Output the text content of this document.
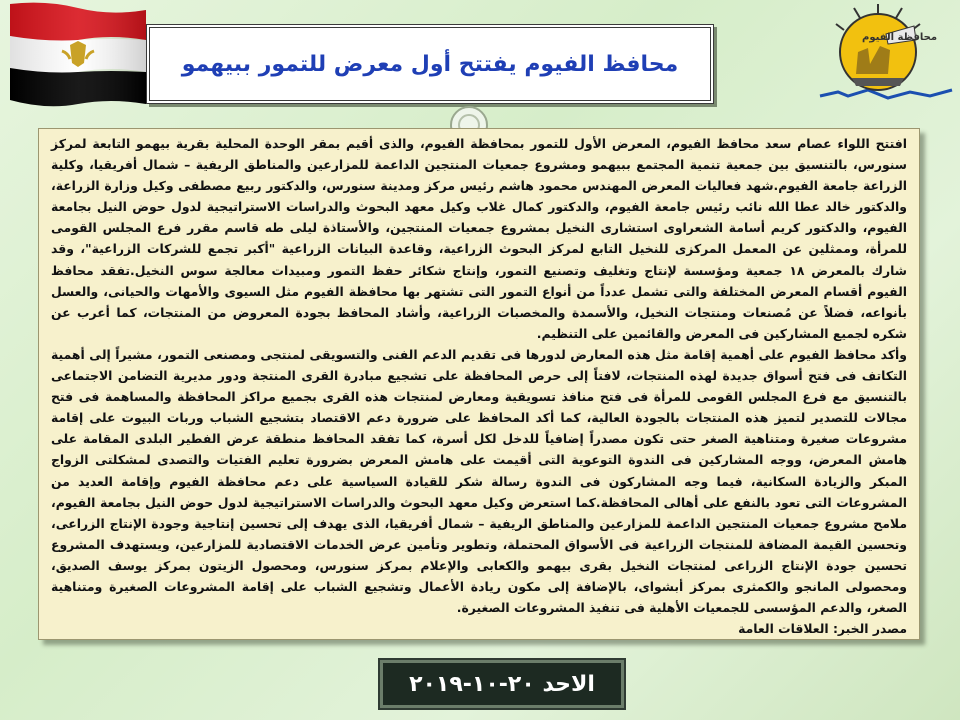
محافظة الفيوم
محافظ الفيوم يفتتح أول معرض للتمور ببيهمو

افتتح اللواء عصام سعد محافظ الفيوم، المعرض الأول للتمور بمحافظة الفيوم، والذى أقيم بمقر الوحدة المحلية بقرية بيهمو التابعة لمركز سنورس، بالتنسيق بين جمعية تنمية المجتمع ببيهمو ومشروع جمعيات المنتجين الداعمة للمزارعين والمناطق الريفية – شمال أفريقيا، وكلية الزراعة جامعة الفيوم.شهد فعاليات المعرض المهندس محمود هاشم رئيس مركز ومدينة سنورس، والدكتور ربيع مصطفى وكيل وزارة الزراعة، والدكتور خالد عطا الله نائب رئيس جامعة الفيوم، والدكتور كمال غلاب وكيل معهد البحوث والدراسات الاستراتيجية لدول حوض النيل بجامعة الفيوم، والدكتور كريم أسامة الشعراوى استشارى النخيل بمشروع جمعيات المنتجين، والأستاذة ليلى طه قاسم مقرر فرع المجلس القومى للمرأة، وممثلين عن المعمل المركزى للنخيل التابع لمركز البحوث الزراعية، وقاعدة البيانات الزراعية "أكبر تجمع للشركات الزراعية"، وقد شارك بالمعرض ١٨ جمعية ومؤسسة لإنتاج وتغليف وتصنيع التمور، وإنتاج شكائر حفظ التمور ومبيدات معالجة سوس النخيل.تفقد محافظ الفيوم أقسام المعرض المختلفة والتى تشمل عدداً من أنواع التمور التى تشتهر بها محافظة الفيوم مثل السيوى والأمهات والحيانى، والعسل بأنواعه، فضلاً عن مُصنعات ومنتجات النخيل، والأسمدة والمخصبات الزراعية، وأشاد المحافظ بجودة المعروض من المنتجات، كما أعرب عن شكره لجميع المشاركين فى المعرض والقائمين على التنظيم.

وأكد محافظ الفيوم على أهمية إقامة مثل هذه المعارض لدورها فى تقديم الدعم الفنى والتسويقى لمنتجى ومصنعى التمور، مشيراً إلى أهمية التكاتف فى فتح أسواق جديدة لهذه المنتجات، لافتاً إلى حرص المحافظة على تشجيع مبادرة القرى المنتجة ودور مديرية التضامن الاجتماعى بالتنسيق مع فرع المجلس القومى للمرأة فى فتح منافذ تسويقية ومعارض لمنتجات هذه القرى بجميع مراكز المحافظة والمساهمة فى فتح مجالات للتصدير لتميز هذه المنتجات بالجودة العالية، كما أكد المحافظ على ضرورة دعم الاقتصاد بتشجيع الشباب وربات البيوت على إقامة مشروعات صغيرة ومتناهية الصغر حتى تكون مصدراً إضافياً للدخل لكل أسرة، كما تفقد المحافظ منطقة عرض الفطير البلدى المقامة على هامش المعرض، ووجه المشاركين فى الندوة التوعوية التى أقيمت على هامش المعرض بضرورة تعليم الفتيات والتصدى لمشكلتى الزواج المبكر والزيادة السكانية، فيما وجه المشاركون فى الندوة رسالة شكر للقيادة السياسية على دعم محافظة الفيوم وإقامة العديد من المشروعات التى تعود بالنفع على أهالى المحافظة.كما استعرض وكيل معهد البحوث والدراسات الاستراتيجية لدول حوض النيل بجامعة الفيوم، ملامح مشروع جمعيات المنتجين الداعمة للمزارعين والمناطق الريفية – شمال أفريقيا، الذى يهدف إلى تحسين إنتاجية وجودة الإنتاج الزراعى، وتحسين القيمة المضافة للمنتجات الزراعية فى الأسواق المحتملة، وتطوير وتأمين عرض الخدمات الاقتصادية للمزارعين، ويستهدف المشروع تحسين جودة الإنتاج الزراعى لمنتجات النخيل بقرى بيهمو والكعابى والإعلام بمركز سنورس، ومحصول الزيتون بمركز يوسف الصديق، ومحصولى المانجو والكمثرى بمركز أبشواى، بالإضافة إلى مكون ريادة الأعمال وتشجيع الشباب على إقامة المشروعات الصغيرة ومتناهية الصغر، والدعم المؤسسى للجمعيات الأهلية فى تنفيذ المشروعات الصغيرة.

مصدر الخبر: العلاقات العامة

الاحد ٢٠-١٠-٢٠١٩
